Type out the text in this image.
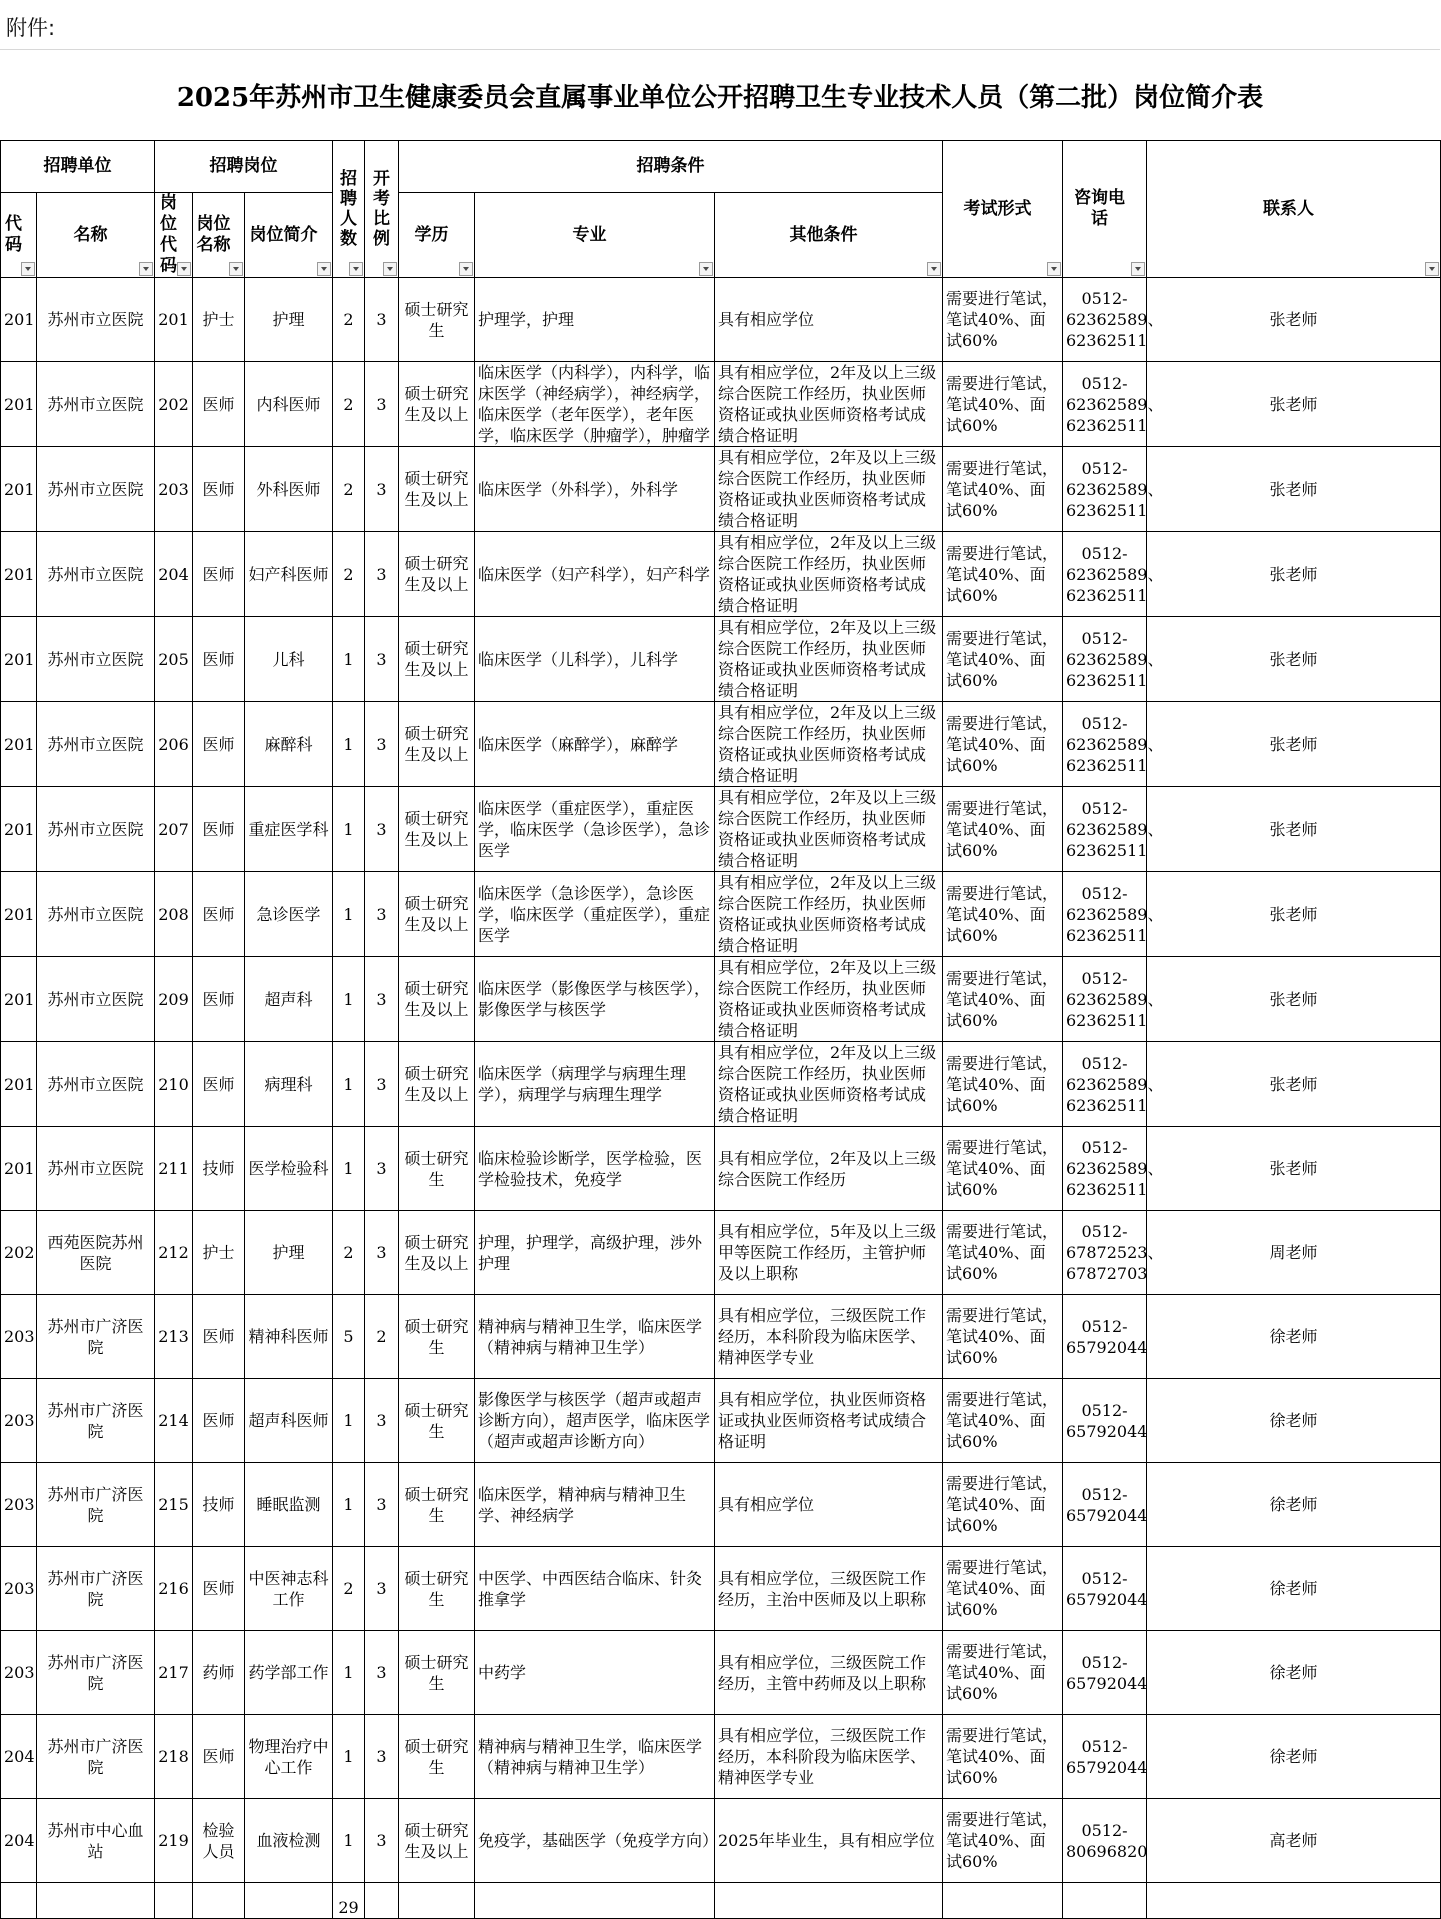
附件:
2025年苏州市卫生健康委员会直属事业单位公开招聘卫生专业技术人员（第二批）岗位简介表
招聘单位		招聘岗位			招聘人数	开考比例	招聘条件			考试形式	咨询电话	联系人

代码	名称	岗位代码	岗位名称	岗位简介			学历	专业	其他条件			

201	苏州市立医院	201	护士	护理	2	3	硕士研究生	护理学，护理	具有相应学位	需要进行笔试，笔试40%、面试60%	0512-62362589、62362511	张老师
201	苏州市立医院	202	医师	内科医师	2	3	硕士研究生及以上	临床医学（内科学），内科学，临床医学（神经病学），神经病学，临床医学（老年医学），老年医学，临床医学（肿瘤学），肿瘤学	具有相应学位，2年及以上三级综合医院工作经历，执业医师资格证或执业医师资格考试成绩合格证明	需要进行笔试，笔试40%、面试60%	0512-62362589、62362511	张老师
201	苏州市立医院	203	医师	外科医师	2	3	硕士研究生及以上	临床医学（外科学），外科学	具有相应学位，2年及以上三级综合医院工作经历，执业医师资格证或执业医师资格考试成绩合格证明	需要进行笔试，笔试40%、面试60%	0512-62362589、62362511	张老师
201	苏州市立医院	204	医师	妇产科医师	2	3	硕士研究生及以上	临床医学（妇产科学），妇产科学	具有相应学位，2年及以上三级综合医院工作经历，执业医师资格证或执业医师资格考试成绩合格证明	需要进行笔试，笔试40%、面试60%	0512-62362589、62362511	张老师
201	苏州市立医院	205	医师	儿科	1	3	硕士研究生及以上	临床医学（儿科学），儿科学	具有相应学位，2年及以上三级综合医院工作经历，执业医师资格证或执业医师资格考试成绩合格证明	需要进行笔试，笔试40%、面试60%	0512-62362589、62362511	张老师
201	苏州市立医院	206	医师	麻醉科	1	3	硕士研究生及以上	临床医学（麻醉学），麻醉学	具有相应学位，2年及以上三级综合医院工作经历，执业医师资格证或执业医师资格考试成绩合格证明	需要进行笔试，笔试40%、面试60%	0512-62362589、62362511	张老师
201	苏州市立医院	207	医师	重症医学科	1	3	硕士研究生及以上	临床医学（重症医学），重症医学，临床医学（急诊医学），急诊医学	具有相应学位，2年及以上三级综合医院工作经历，执业医师资格证或执业医师资格考试成绩合格证明	需要进行笔试，笔试40%、面试60%	0512-62362589、62362511	张老师
201	苏州市立医院	208	医师	急诊医学	1	3	硕士研究生及以上	临床医学（急诊医学），急诊医学，临床医学（重症医学），重症医学	具有相应学位，2年及以上三级综合医院工作经历，执业医师资格证或执业医师资格考试成绩合格证明	需要进行笔试，笔试40%、面试60%	0512-62362589、62362511	张老师
201	苏州市立医院	209	医师	超声科	1	3	硕士研究生及以上	临床医学（影像医学与核医学），影像医学与核医学	具有相应学位，2年及以上三级综合医院工作经历，执业医师资格证或执业医师资格考试成绩合格证明	需要进行笔试，笔试40%、面试60%	0512-62362589、62362511	张老师
201	苏州市立医院	210	医师	病理科	1	3	硕士研究生及以上	临床医学（病理学与病理生理学），病理学与病理生理学	具有相应学位，2年及以上三级综合医院工作经历，执业医师资格证或执业医师资格考试成绩合格证明	需要进行笔试，笔试40%、面试60%	0512-62362589、62362511	张老师
201	苏州市立医院	211	技师	医学检验科	1	3	硕士研究生	临床检验诊断学，医学检验，医学检验技术，免疫学	具有相应学位，2年及以上三级综合医院工作经历	需要进行笔试，笔试40%、面试60%	0512-62362589、62362511	张老师
202	西苑医院苏州医院	212	护士	护理	2	3	硕士研究生及以上	护理，护理学，高级护理，涉外护理	具有相应学位，5年及以上三级甲等医院工作经历，主管护师及以上职称	需要进行笔试，笔试40%、面试60%	0512-67872523、67872703	周老师
203	苏州市广济医院	213	医师	精神科医师	5	2	硕士研究生	精神病与精神卫生学，临床医学（精神病与精神卫生学）	具有相应学位，三级医院工作经历，本科阶段为临床医学、精神医学专业	需要进行笔试，笔试40%、面试60%	0512-65792044	徐老师
203	苏州市广济医院	214	医师	超声科医师	1	3	硕士研究生	影像医学与核医学（超声或超声诊断方向），超声医学，临床医学（超声或超声诊断方向）	具有相应学位，执业医师资格证或执业医师资格考试成绩合格证明	需要进行笔试，笔试40%、面试60%	0512-65792044	徐老师
203	苏州市广济医院	215	技师	睡眠监测	1	3	硕士研究生	临床医学，精神病与精神卫生学、神经病学	具有相应学位	需要进行笔试，笔试40%、面试60%	0512-65792044	徐老师
203	苏州市广济医院	216	医师	中医神志科工作	2	3	硕士研究生	中医学、中西医结合临床、针灸推拿学	具有相应学位，三级医院工作经历，主治中医师及以上职称	需要进行笔试，笔试40%、面试60%	0512-65792044	徐老师
203	苏州市广济医院	217	药师	药学部工作	1	3	硕士研究生	中药学	具有相应学位，三级医院工作经历，主管中药师及以上职称	需要进行笔试，笔试40%、面试60%	0512-65792044	徐老师
204	苏州市广济医院	218	医师	物理治疗中心工作	1	3	硕士研究生	精神病与精神卫生学，临床医学（精神病与精神卫生学）	具有相应学位，三级医院工作经历，本科阶段为临床医学、精神医学专业	需要进行笔试，笔试40%、面试60%	0512-65792044	徐老师
204	苏州市中心血站	219	检验人员	血液检测	1	3	硕士研究生及以上	免疫学，基础医学（免疫学方向）	2025年毕业生，具有相应学位	需要进行笔试，笔试40%、面试60%	0512-80696820	高老师
					29							
